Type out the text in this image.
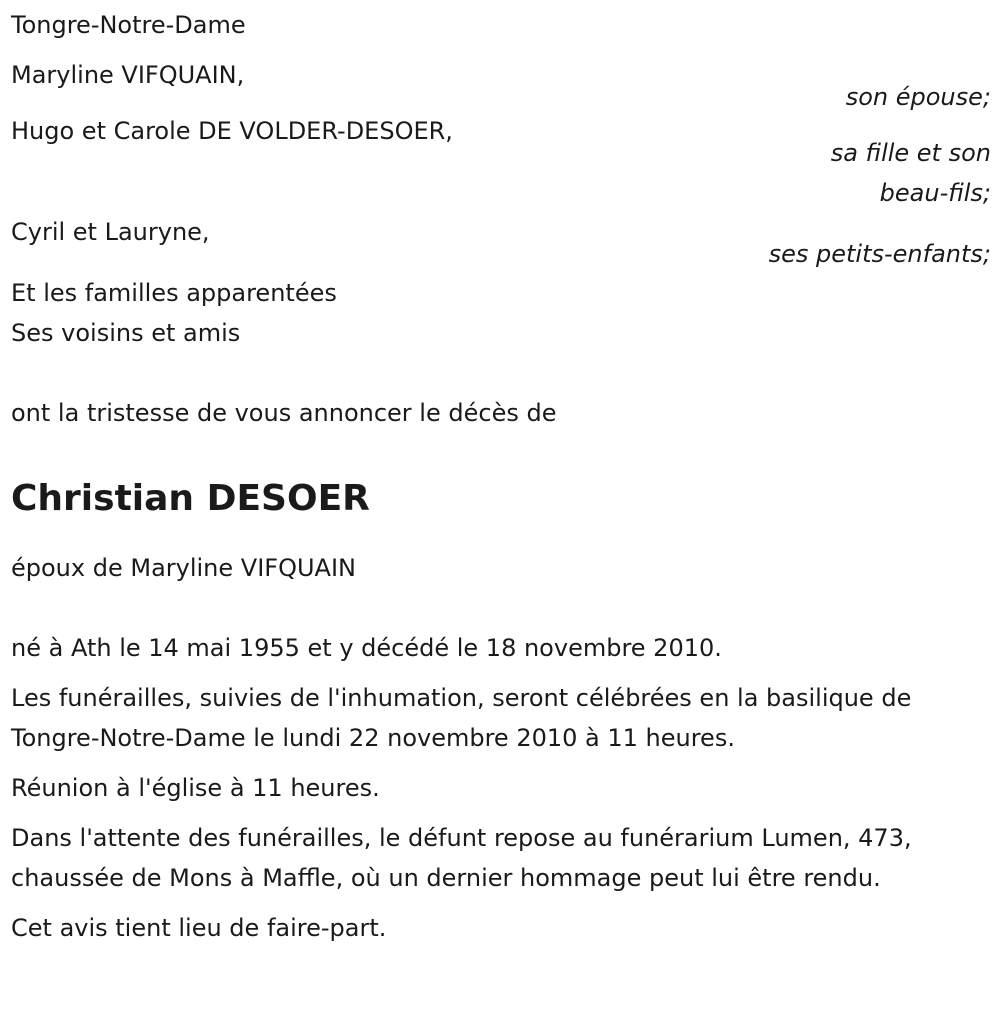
Tongre-Notre-Dame
Maryline VIFQUAIN,
son épouse;
Hugo et Carole DE VOLDER-DESOER,
sa fille et son
beau-fils;
Cyril et Lauryne,
ses petits-enfants;
Et les familles apparentées
Ses voisins et amis
ont la tristesse de vous annoncer le décès de
Christian DESOER
époux de Maryline VIFQUAIN
né à Ath le 14 mai 1955 et y décédé le 18 novembre 2010.
Les funérailles, suivies de l'inhumation, seront célébrées en la basilique de Tongre-Notre-Dame le lundi 22 novembre 2010 à 11 heures.
Réunion à l'église à 11 heures.
Dans l'attente des funérailles, le défunt repose au funérarium Lumen, 473, chaussée de Mons à Maffle, où un dernier hommage peut lui être rendu.
Cet avis tient lieu de faire-part.
